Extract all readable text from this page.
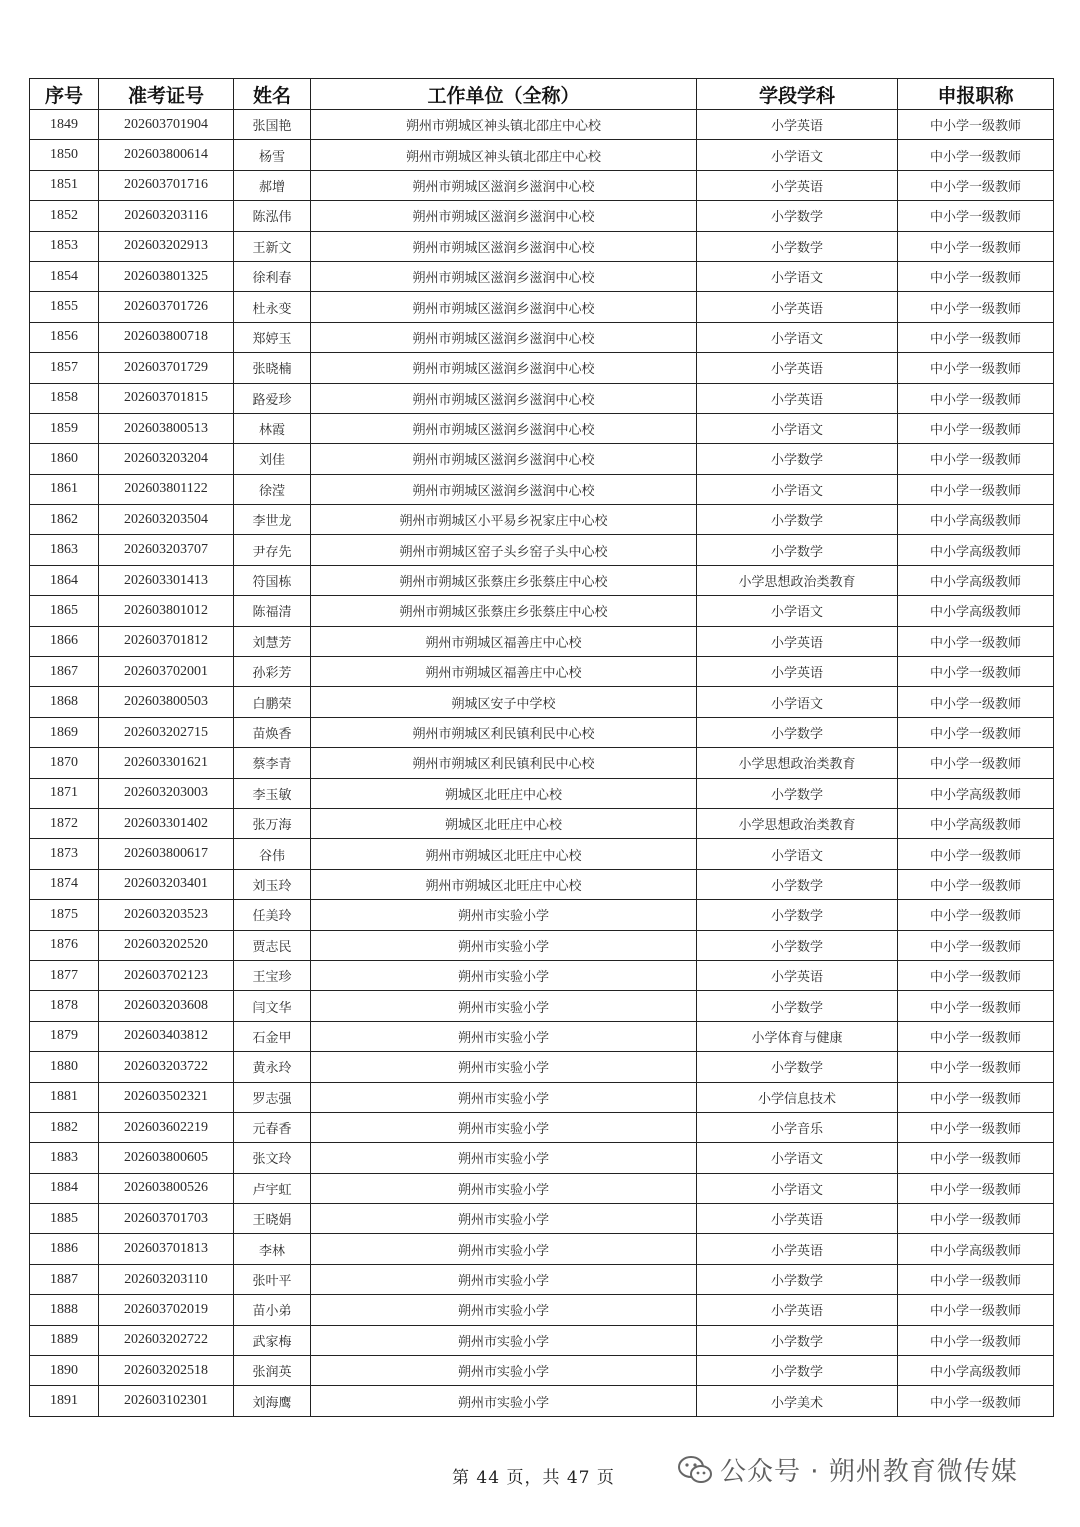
序号	准考证号	姓名	工作单位（全称）	学段学科	申报职称
1849	202603701904	张国艳	朔州市朔城区神头镇北邵庄中心校	小学英语	中小学一级教师
1850	202603800614	杨雪	朔州市朔城区神头镇北邵庄中心校	小学语文	中小学一级教师
1851	202603701716	郝增	朔州市朔城区滋润乡滋润中心校	小学英语	中小学一级教师
1852	202603203116	陈泓伟	朔州市朔城区滋润乡滋润中心校	小学数学	中小学一级教师
1853	202603202913	王新文	朔州市朔城区滋润乡滋润中心校	小学数学	中小学一级教师
1854	202603801325	徐利春	朔州市朔城区滋润乡滋润中心校	小学语文	中小学一级教师
1855	202603701726	杜永变	朔州市朔城区滋润乡滋润中心校	小学英语	中小学一级教师
1856	202603800718	郑婷玉	朔州市朔城区滋润乡滋润中心校	小学语文	中小学一级教师
1857	202603701729	张晓楠	朔州市朔城区滋润乡滋润中心校	小学英语	中小学一级教师
1858	202603701815	路爱珍	朔州市朔城区滋润乡滋润中心校	小学英语	中小学一级教师
1859	202603800513	林霞	朔州市朔城区滋润乡滋润中心校	小学语文	中小学一级教师
1860	202603203204	刘佳	朔州市朔城区滋润乡滋润中心校	小学数学	中小学一级教师
1861	202603801122	徐滢	朔州市朔城区滋润乡滋润中心校	小学语文	中小学一级教师
1862	202603203504	李世龙	朔州市朔城区小平易乡祝家庄中心校	小学数学	中小学高级教师
1863	202603203707	尹存先	朔州市朔城区窑子头乡窑子头中心校	小学数学	中小学高级教师
1864	202603301413	符国栋	朔州市朔城区张蔡庄乡张蔡庄中心校	小学思想政治类教育	中小学高级教师
1865	202603801012	陈福清	朔州市朔城区张蔡庄乡张蔡庄中心校	小学语文	中小学高级教师
1866	202603701812	刘慧芳	朔州市朔城区福善庄中心校	小学英语	中小学一级教师
1867	202603702001	孙彩芳	朔州市朔城区福善庄中心校	小学英语	中小学一级教师
1868	202603800503	白鹏荣	朔城区安子中学校	小学语文	中小学一级教师
1869	202603202715	苗焕香	朔州市朔城区利民镇利民中心校	小学数学	中小学一级教师
1870	202603301621	蔡李青	朔州市朔城区利民镇利民中心校	小学思想政治类教育	中小学一级教师
1871	202603203003	李玉敏	朔城区北旺庄中心校	小学数学	中小学高级教师
1872	202603301402	张万海	朔城区北旺庄中心校	小学思想政治类教育	中小学高级教师
1873	202603800617	谷伟	朔州市朔城区北旺庄中心校	小学语文	中小学一级教师
1874	202603203401	刘玉玲	朔州市朔城区北旺庄中心校	小学数学	中小学一级教师
1875	202603203523	任美玲	朔州市实验小学	小学数学	中小学一级教师
1876	202603202520	贾志民	朔州市实验小学	小学数学	中小学一级教师
1877	202603702123	王宝珍	朔州市实验小学	小学英语	中小学一级教师
1878	202603203608	闫文华	朔州市实验小学	小学数学	中小学一级教师
1879	202603403812	石金甲	朔州市实验小学	小学体育与健康	中小学一级教师
1880	202603203722	黄永玲	朔州市实验小学	小学数学	中小学一级教师
1881	202603502321	罗志强	朔州市实验小学	小学信息技术	中小学一级教师
1882	202603602219	元春香	朔州市实验小学	小学音乐	中小学一级教师
1883	202603800605	张文玲	朔州市实验小学	小学语文	中小学一级教师
1884	202603800526	卢宇虹	朔州市实验小学	小学语文	中小学一级教师
1885	202603701703	王晓娟	朔州市实验小学	小学英语	中小学一级教师
1886	202603701813	李林	朔州市实验小学	小学英语	中小学高级教师
1887	202603203110	张叶平	朔州市实验小学	小学数学	中小学一级教师
1888	202603702019	苗小弟	朔州市实验小学	小学英语	中小学一级教师
1889	202603202722	武家梅	朔州市实验小学	小学数学	中小学一级教师
1890	202603202518	张润英	朔州市实验小学	小学数学	中小学高级教师
1891	202603102301	刘海鹰	朔州市实验小学	小学美术	中小学一级教师
第 44 页，共 47 页	公众号 · 朔州教育微传媒
